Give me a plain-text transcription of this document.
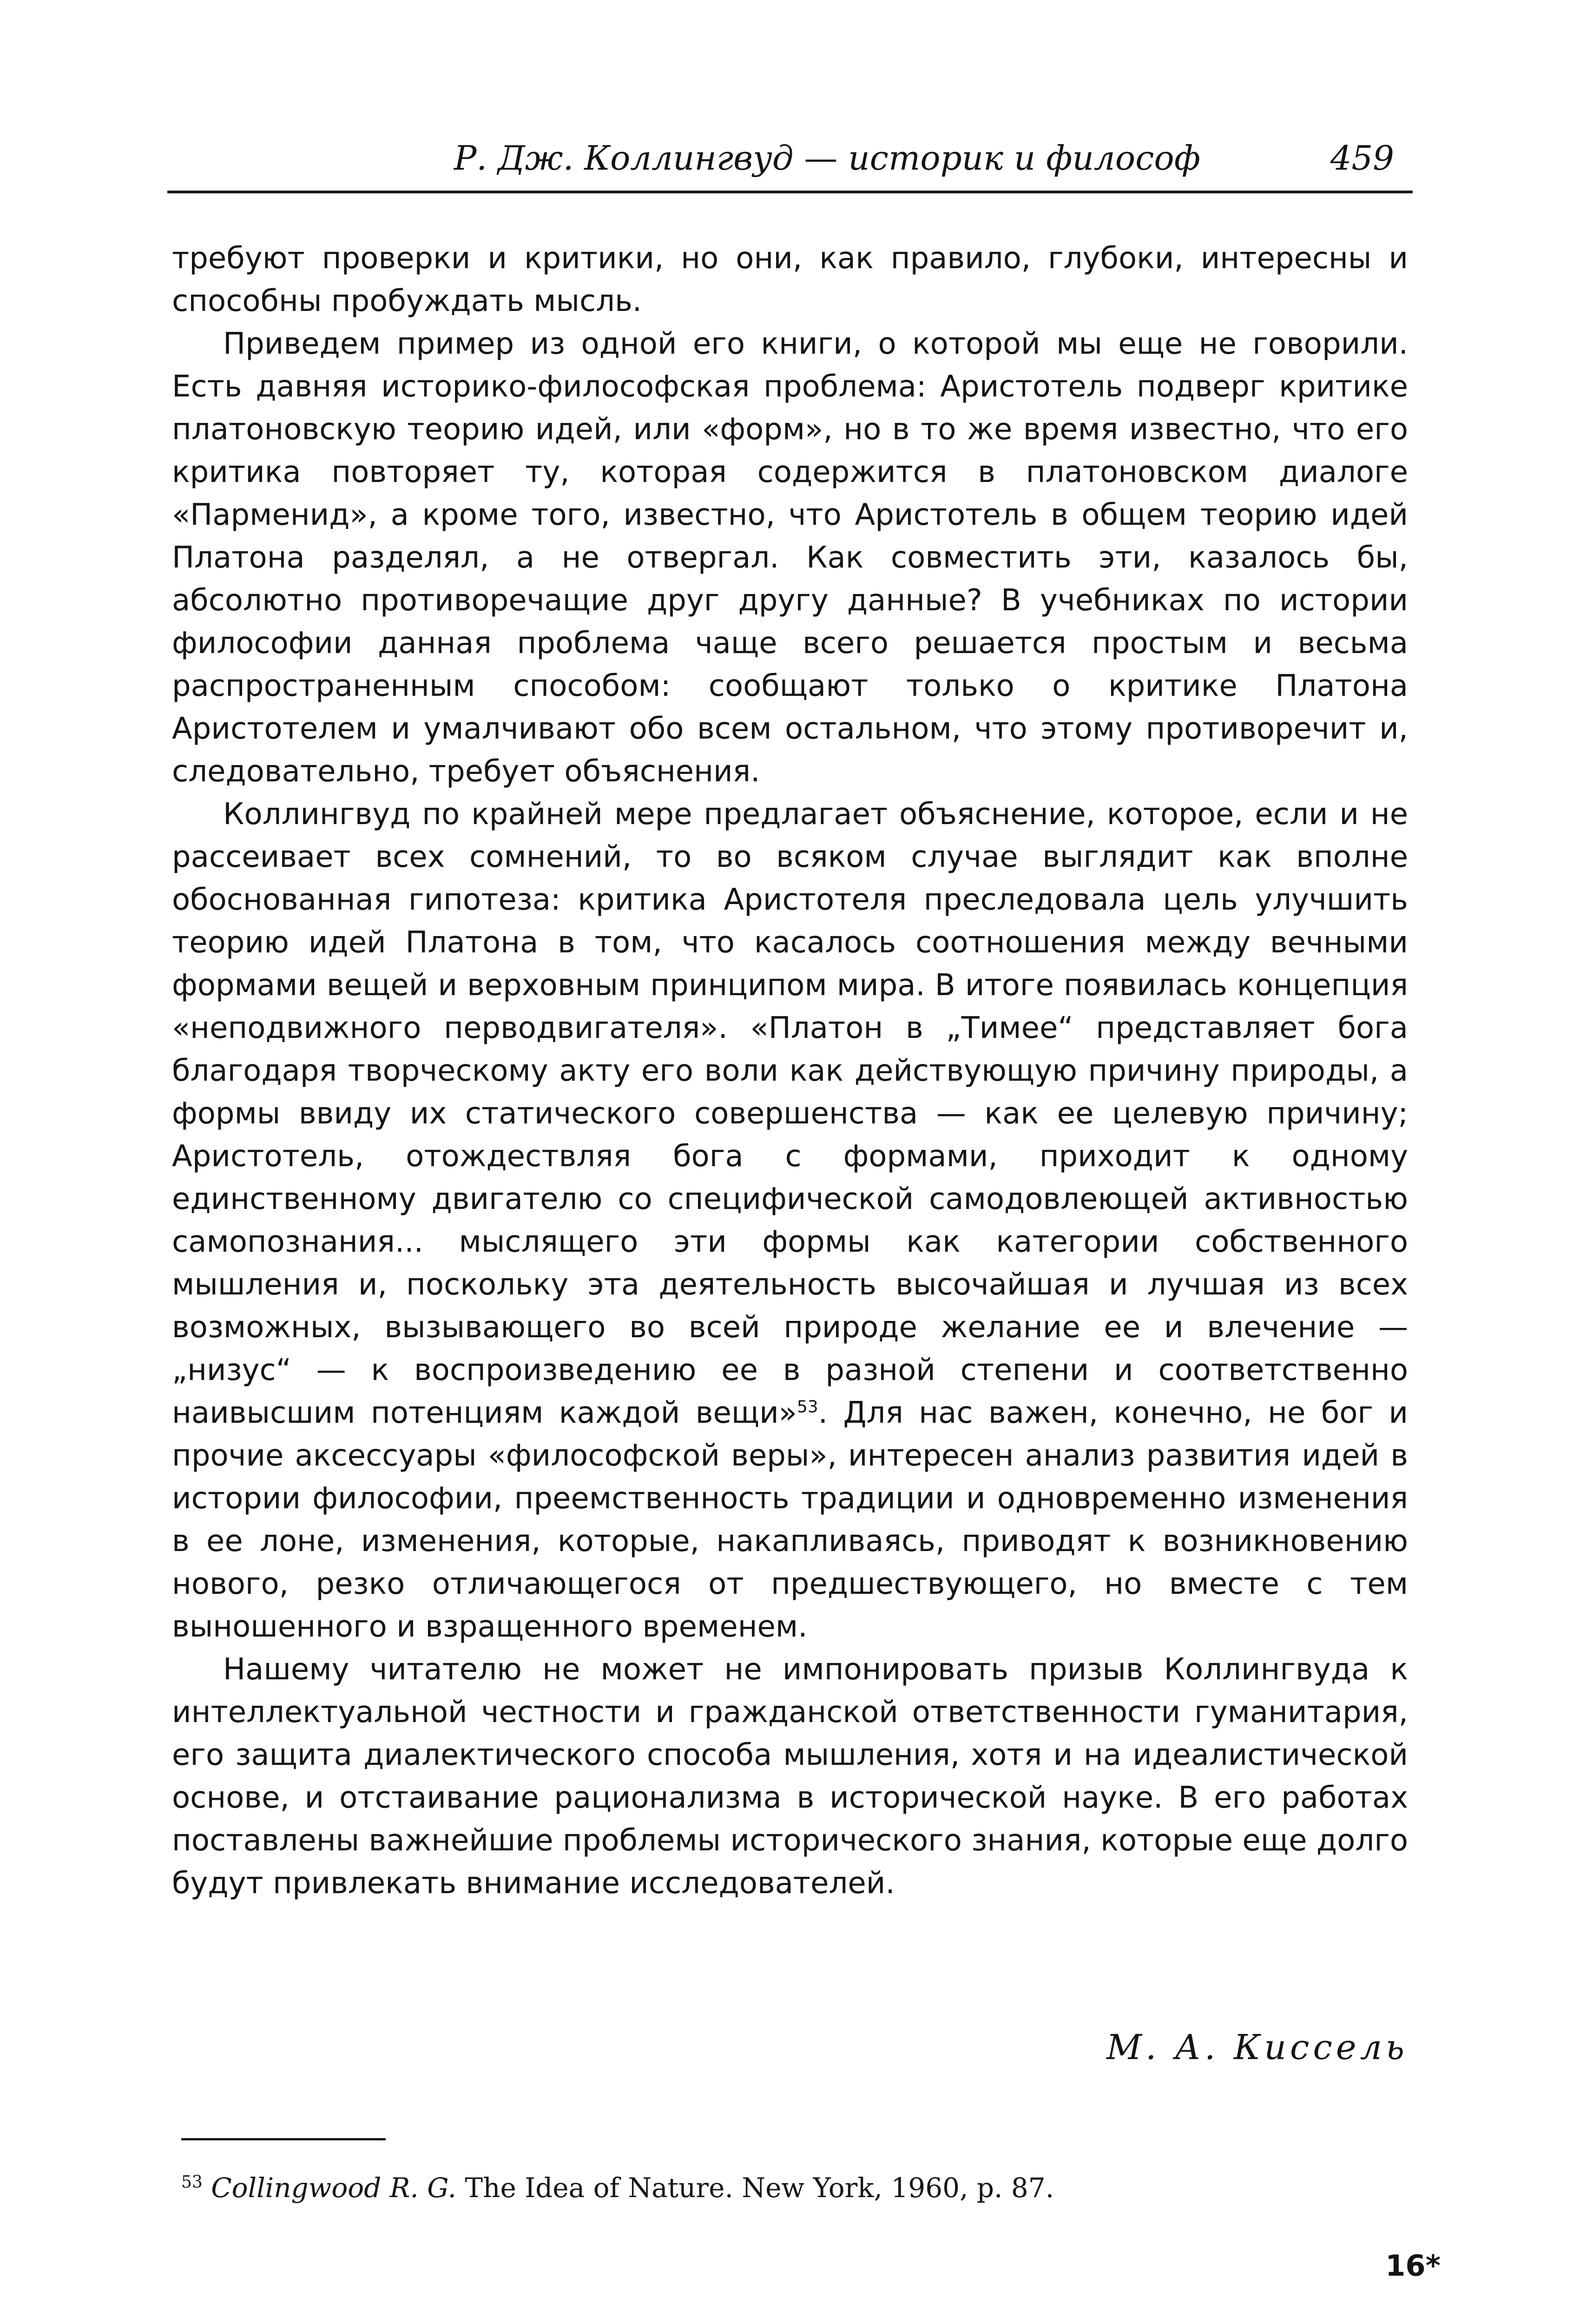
Р. Дж. Коллингвуд — историк и философ	459

требуют проверки и критики, но они, как правило, глубоки, интересны и способны пробуждать мысль.

Приведем пример из одной его книги, о которой мы еще не говорили. Есть давняя историко-философская проблема: Аристотель подверг критике платоновскую теорию идей, или «форм», но в то же время известно, что его критика повторяет ту, которая содержится в платоновском диалоге «Парменид», а кроме того, известно, что Аристотель в общем теорию идей Платона разделял, а не отвергал. Как совместить эти, казалось бы, абсолютно противоречащие друг другу данные? В учебниках по истории философии данная проблема чаще всего решается простым и весьма распространенным способом: сообщают только о критике Платона Аристотелем и умалчивают обо всем остальном, что этому противоречит и, следовательно, требует объяснения.

Коллингвуд по крайней мере предлагает объяснение, которое, если и не рассеивает всех сомнений, то во всяком случае выглядит как вполне обоснованная гипотеза: критика Аристотеля преследовала цель улучшить теорию идей Платона в том, что касалось соотношения между вечными формами вещей и верховным принципом мира. В итоге появилась концепция «неподвижного перводвигателя». «Платон в „Тимее“ представляет бога благодаря творческому акту его воли как действующую причину природы, а формы ввиду их статического совершенства — как ее целевую причину; Аристотель, отождествляя бога с формами, приходит к одному единственному двигателю со специфической самодовлеющей активностью самопознания... мыслящего эти формы как категории собственного мышления и, поскольку эта деятельность высочайшая и лучшая из всех возможных, вызывающего во всей природе желание ее и влечение — „низус“ — к воспроизведению ее в разной степени и соответственно наивысшим потенциям каждой вещи»$^{53}$. Для нас важен, конечно, не бог и прочие аксессуары «философской веры», интересен анализ развития идей в истории философии, преемственность традиции и одновременно изменения в ее лоне, изменения, которые, накапливаясь, приводят к возникновению нового, резко отличающегося от предшествующего, но вместе с тем выношенного и взращенного временем.

Нашему читателю не может не импонировать призыв Коллингвуда к интеллектуальной честности и гражданской ответственности гуманитария, его защита диалектического способа мышления, хотя и на идеалистической основе, и отстаивание рационализма в исторической науке. В его работах поставлены важнейшие проблемы исторического знания, которые еще долго будут привлекать внимание исследователей.

М. А. Киссель
$^{53}$ Collingwood R. G. The Idea of Nature. New York, 1960, p. 87.
16*
